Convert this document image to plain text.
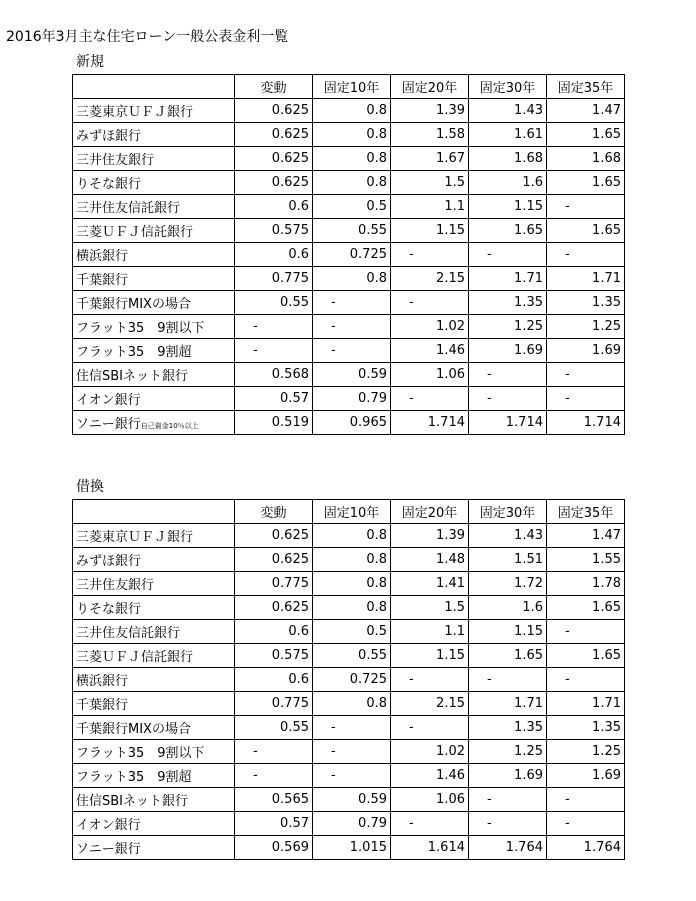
2016年3月主な住宅ローン一般公表金利一覧
新規
	変動	固定10年	固定20年	固定30年	固定35年
三菱東京ＵＦＪ銀行	0.625	0.8	1.39	1.43	1.47
みずほ銀行	0.625	0.8	1.58	1.61	1.65
三井住友銀行	0.625	0.8	1.67	1.68	1.68
りそな銀行	0.625	0.8	1.5	1.6	1.65
三井住友信託銀行	0.6	0.5	1.1	1.15	-
三菱ＵＦＪ信託銀行	0.575	0.55	1.15	1.65	1.65
横浜銀行	0.6	0.725	-	-	-
千葉銀行	0.775	0.8	2.15	1.71	1.71
千葉銀行MIXの場合	0.55	-	-	1.35	1.35
フラット35　9割以下	-	-	1.02	1.25	1.25
フラット35　9割超	-	-	1.46	1.69	1.69
住信SBIネット銀行	0.568	0.59	1.06	-	-
イオン銀行	0.57	0.79	-	-	-
ソニー銀行自己資金10％以上	0.519	0.965	1.714	1.714	1.714
借換
	変動	固定10年	固定20年	固定30年	固定35年
三菱東京ＵＦＪ銀行	0.625	0.8	1.39	1.43	1.47
みずほ銀行	0.625	0.8	1.48	1.51	1.55
三井住友銀行	0.775	0.8	1.41	1.72	1.78
りそな銀行	0.625	0.8	1.5	1.6	1.65
三井住友信託銀行	0.6	0.5	1.1	1.15	-
三菱ＵＦＪ信託銀行	0.575	0.55	1.15	1.65	1.65
横浜銀行	0.6	0.725	-	-	-
千葉銀行	0.775	0.8	2.15	1.71	1.71
千葉銀行MIXの場合	0.55	-	-	1.35	1.35
フラット35　9割以下	-	-	1.02	1.25	1.25
フラット35　9割超	-	-	1.46	1.69	1.69
住信SBIネット銀行	0.565	0.59	1.06	-	-
イオン銀行	0.57	0.79	-	-	-
ソニー銀行	0.569	1.015	1.614	1.764	1.764
